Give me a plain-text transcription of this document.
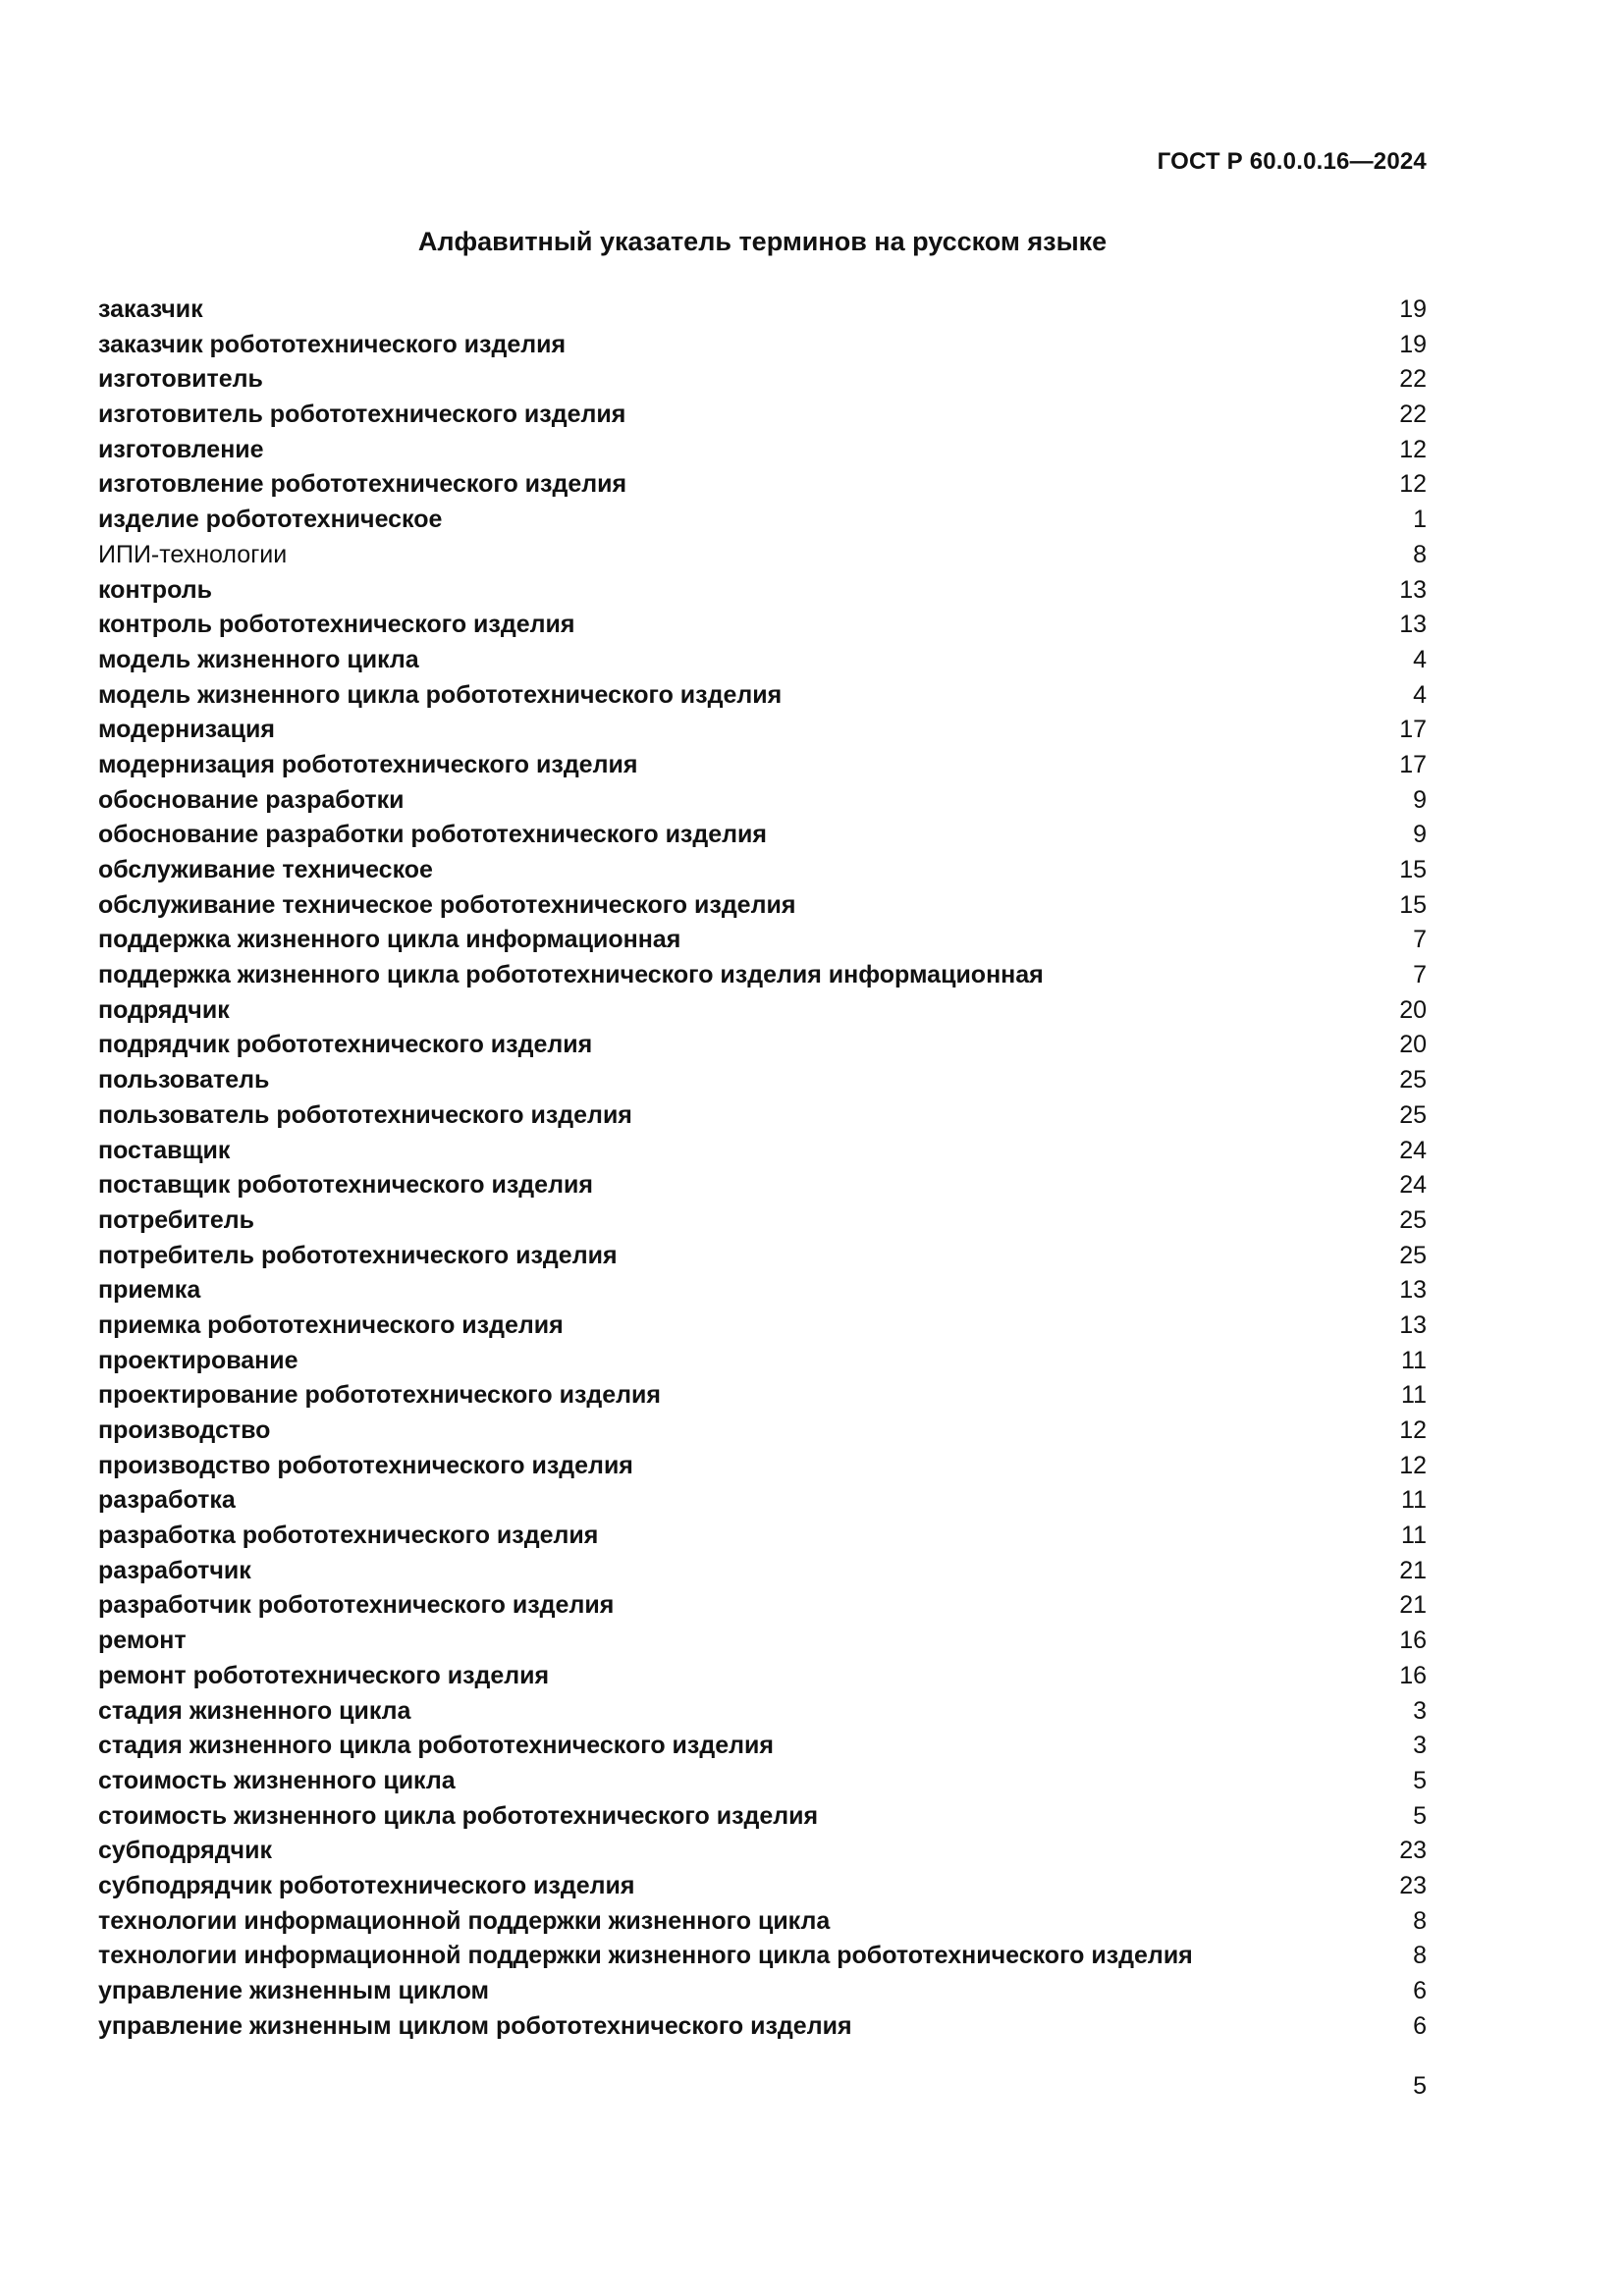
ГОСТ Р 60.0.0.16—2024
Алфавитный указатель терминов на русском языке
заказчик	19
заказчик робототехнического изделия	19
изготовитель	22
изготовитель робототехнического изделия	22
изготовление	12
изготовление робототехнического изделия	12
изделие робототехническое	1
ИПИ-технологии	8
контроль	13
контроль робототехнического изделия	13
модель жизненного цикла	4
модель жизненного цикла робототехнического изделия	4
модернизация	17
модернизация робототехнического изделия	17
обоснование разработки	9
обоснование разработки робототехнического изделия	9
обслуживание техническое	15
обслуживание техническое робототехнического изделия	15
поддержка жизненного цикла информационная	7
поддержка жизненного цикла робототехнического изделия информационная	7
подрядчик	20
подрядчик робототехнического изделия	20
пользователь	25
пользователь робототехнического изделия	25
поставщик	24
поставщик робототехнического изделия	24
потребитель	25
потребитель робототехнического изделия	25
приемка	13
приемка робототехнического изделия	13
проектирование	11
проектирование робототехнического изделия	11
производство	12
производство робототехнического изделия	12
разработка	11
разработка робототехнического изделия	11
разработчик	21
разработчик робототехнического изделия	21
ремонт	16
ремонт робототехнического изделия	16
стадия жизненного цикла	3
стадия жизненного цикла робототехнического изделия	3
стоимость жизненного цикла	5
стоимость жизненного цикла робототехнического изделия	5
субподрядчик	23
субподрядчик робототехнического изделия	23
технологии информационной поддержки жизненного цикла	8
технологии информационной поддержки жизненного цикла робототехнического изделия	8
управление жизненным циклом	6
управление жизненным циклом робототехнического изделия	6
5
